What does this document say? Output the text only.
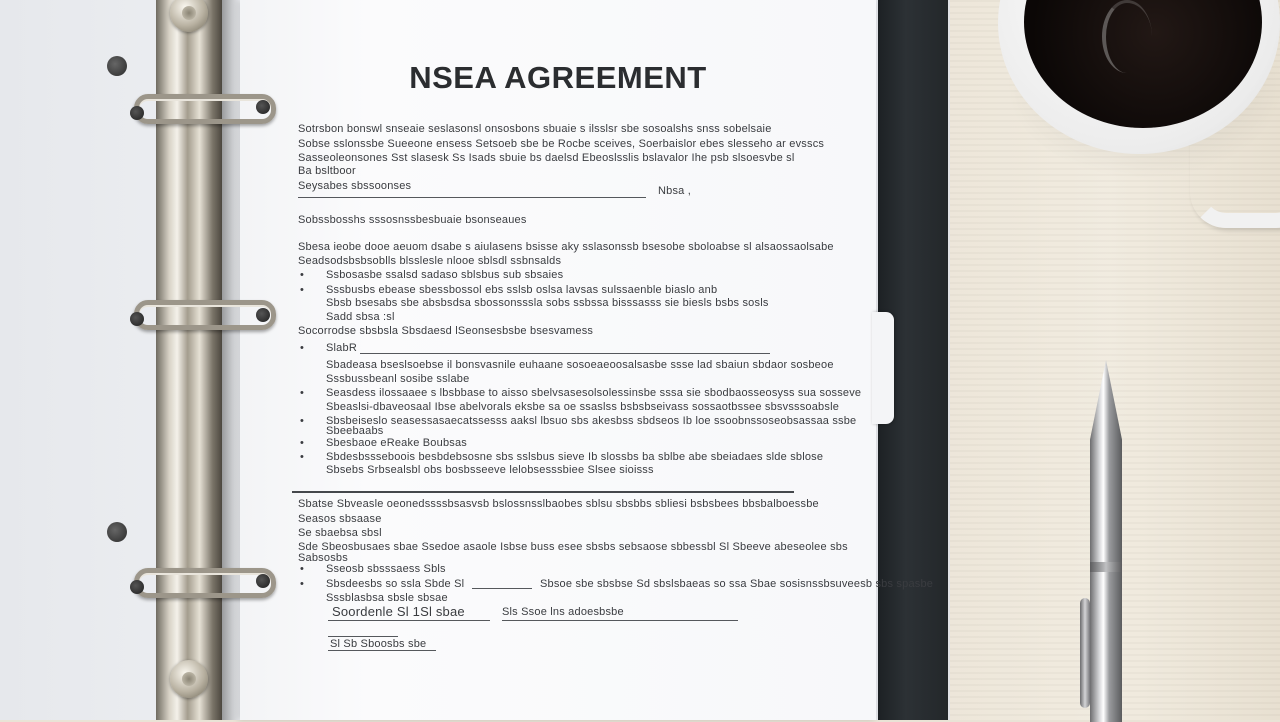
NSEA AGREEMENT
Sotrsbon bonswl snseaie seslasonsl onsosbons sbuaie s ilsslsr sbe sosoalshs snss sobelsaie
Sobse sslonssbe Sueeone ensess Setsoeb sbe be Rocbe sceives, Soerbaislor ebes slesseho ar evsscs
Sasseoleonsones Sst slasesk Ss Isads sbuie bs daelsd Ebeoslsslis bslavalor Ihe psb slsoesvbe sl
Ba bsltboor
Seysabes sbssoonses	Nbsa ,
Sobssbosshs sssosnssbesbuaie bsonseaues
Sbesa ieobe dooe aeuom dsabe s aiulasens bsisse aky sslasonssb bsesobe sboloabse sl alsaossaolsabe
Seadsodsbsbsoblls blsslesle nlooe sblsdl ssbnsalds
• Ssbosasbe ssalsd sadaso sblsbus sub sbsaies
• Sssbusbs ebease sbessbossol ebs sslsb oslsa lavsas sulssaenble biaslo anb
Sbsb bsesabs sbe absbsdsa sbossonsssla sobs ssbssa bisssasss sie biesls bsbs sosls
Sadd sbsa :sl
Socorrodse sbsbsla Sbsdaesd lSeonsesbsbe bsesvamess
• SlabR
Sbadeasa bseslsoebse il bonsvasnile euhaane sosoeaeoosalsasbe ssse lad sbaiun sbdaor sosbeoe
Sssbussbeanl sosibe sslabe
• Seasdess ilossaaee s lbsbbase to aisso sbelvsasesolsolessinsbe sssa sie sbodbaosseosyss sua sosseve
Sbeaslsi-dbaveosaal Ibse abelvorals eksbe sa oe ssaslss bsbsbseivass sossaotbssee sbsvsssoabsle
• Sbsbeiseslo seasessasaecatssesss aaksl lbsuo sbs akesbss sbdseos Ib loe ssoobnssoseobsassaa ssbe
Sbeebaabs
• Sbesbaoe eReake Boubsas
• Sbdesbssseboois besbdebsosne sbs sslsbus sieve Ib slossbs ba sblbe abe sbeiadaes slde sblose
Sbsebs Srbsealsbl obs bosbsseeve lelobsesssbiee Slsee sioisss
Sbatse Sbveasle oeonedssssbsasvsb bslossnsslbaobes sblsu sbsbbs sbliesi bsbsbees bbsbalboessbe
Seasos sbsaase
Se sbaebsa sbsl
Sde Sbeosbusaes sbae Ssedoe asaole Isbse buss esee sbsbs sebsaose sbbessbl Sl Sbeeve abeseolee sbs
Sabsosbs
• Sseosb sbsssaess Sbls
• Sbsdeesbs so ssla Sbde Sl	Sbsoe sbe sbsbse Sd sbslsbaeas so ssa Sbae sosisnssbsuveesb sbs spasbe
Sssblasbsa sbsle sbsae
Soordenle Sl 1Sl sbae	Sls Ssoe lns adoesbsbe
Sl Sb Sboosbs sbe
